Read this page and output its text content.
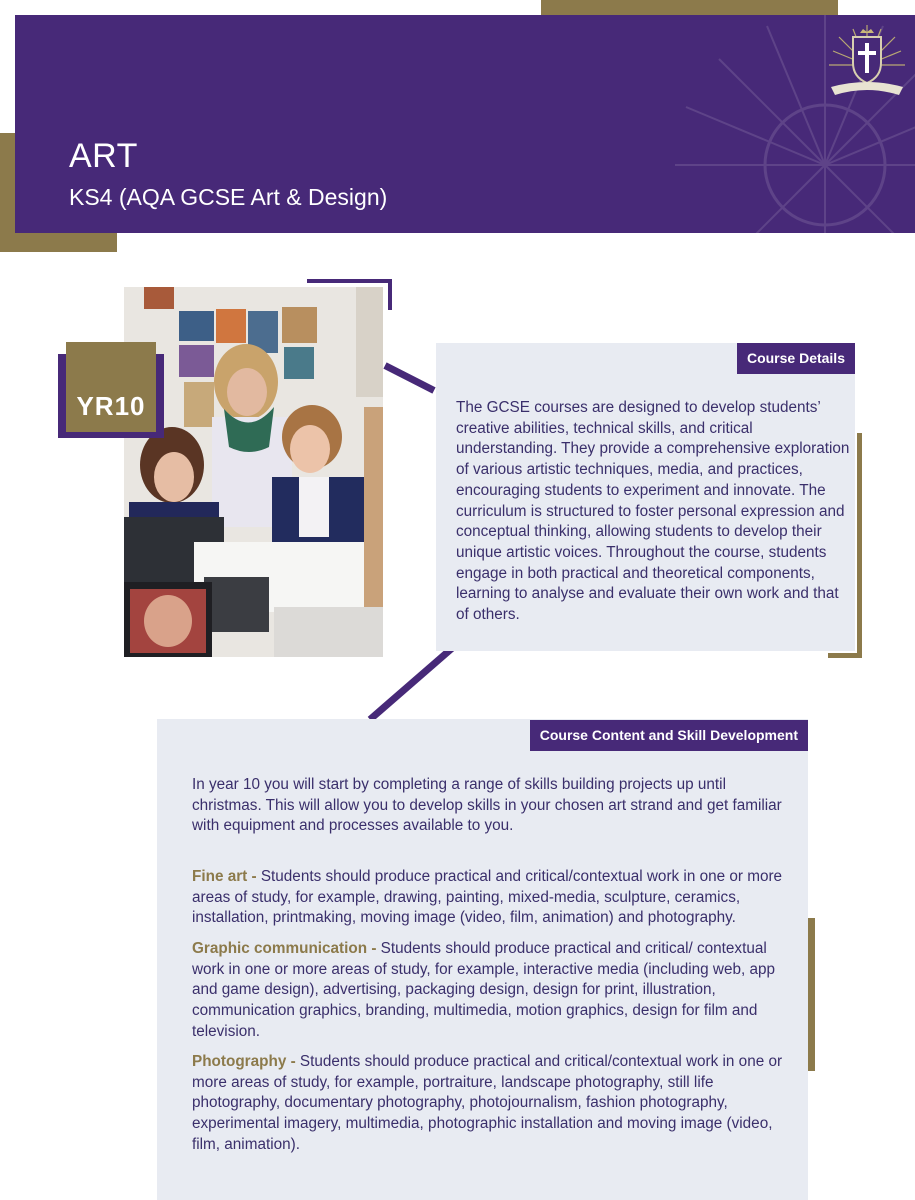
ART
KS4 (AQA GCSE Art & Design)
YR10
Course Details

The GCSE courses are designed to develop students’ creative abilities, technical skills, and critical understanding. They provide a comprehensive exploration of various artistic techniques, media, and practices, encouraging students to experiment and innovate. The curriculum is structured to foster personal expression and conceptual thinking, allowing students to develop their unique artistic voices. Throughout the course, students engage in both practical and theoretical components, learning to analyse and evaluate their own work and that of others.

Course Content and Skill Development

In year 10 you will start by completing a range of skills building projects up until christmas. This will allow you to develop skills in your chosen art strand and get familiar with equipment and processes available to you.

Fine art - Students should produce practical and critical/contextual work in one or more areas of study, for example, drawing, painting, mixed-media, sculpture, ceramics, installation, printmaking, moving image (video, film, animation) and photography.

Graphic communication - Students should produce practical and critical/ contextual work in one or more areas of study, for example, interactive media (including web, app and game design), advertising, packaging design, design for print, illustration, communication graphics, branding, multimedia, motion graphics, design for film and television.

Photography - Students should produce practical and critical/contextual work in one or more areas of study, for example, portraiture, landscape photography, still life photography, documentary photography, photojournalism, fashion photography, experimental imagery, multimedia, photographic installation and moving image (video, film, animation).
